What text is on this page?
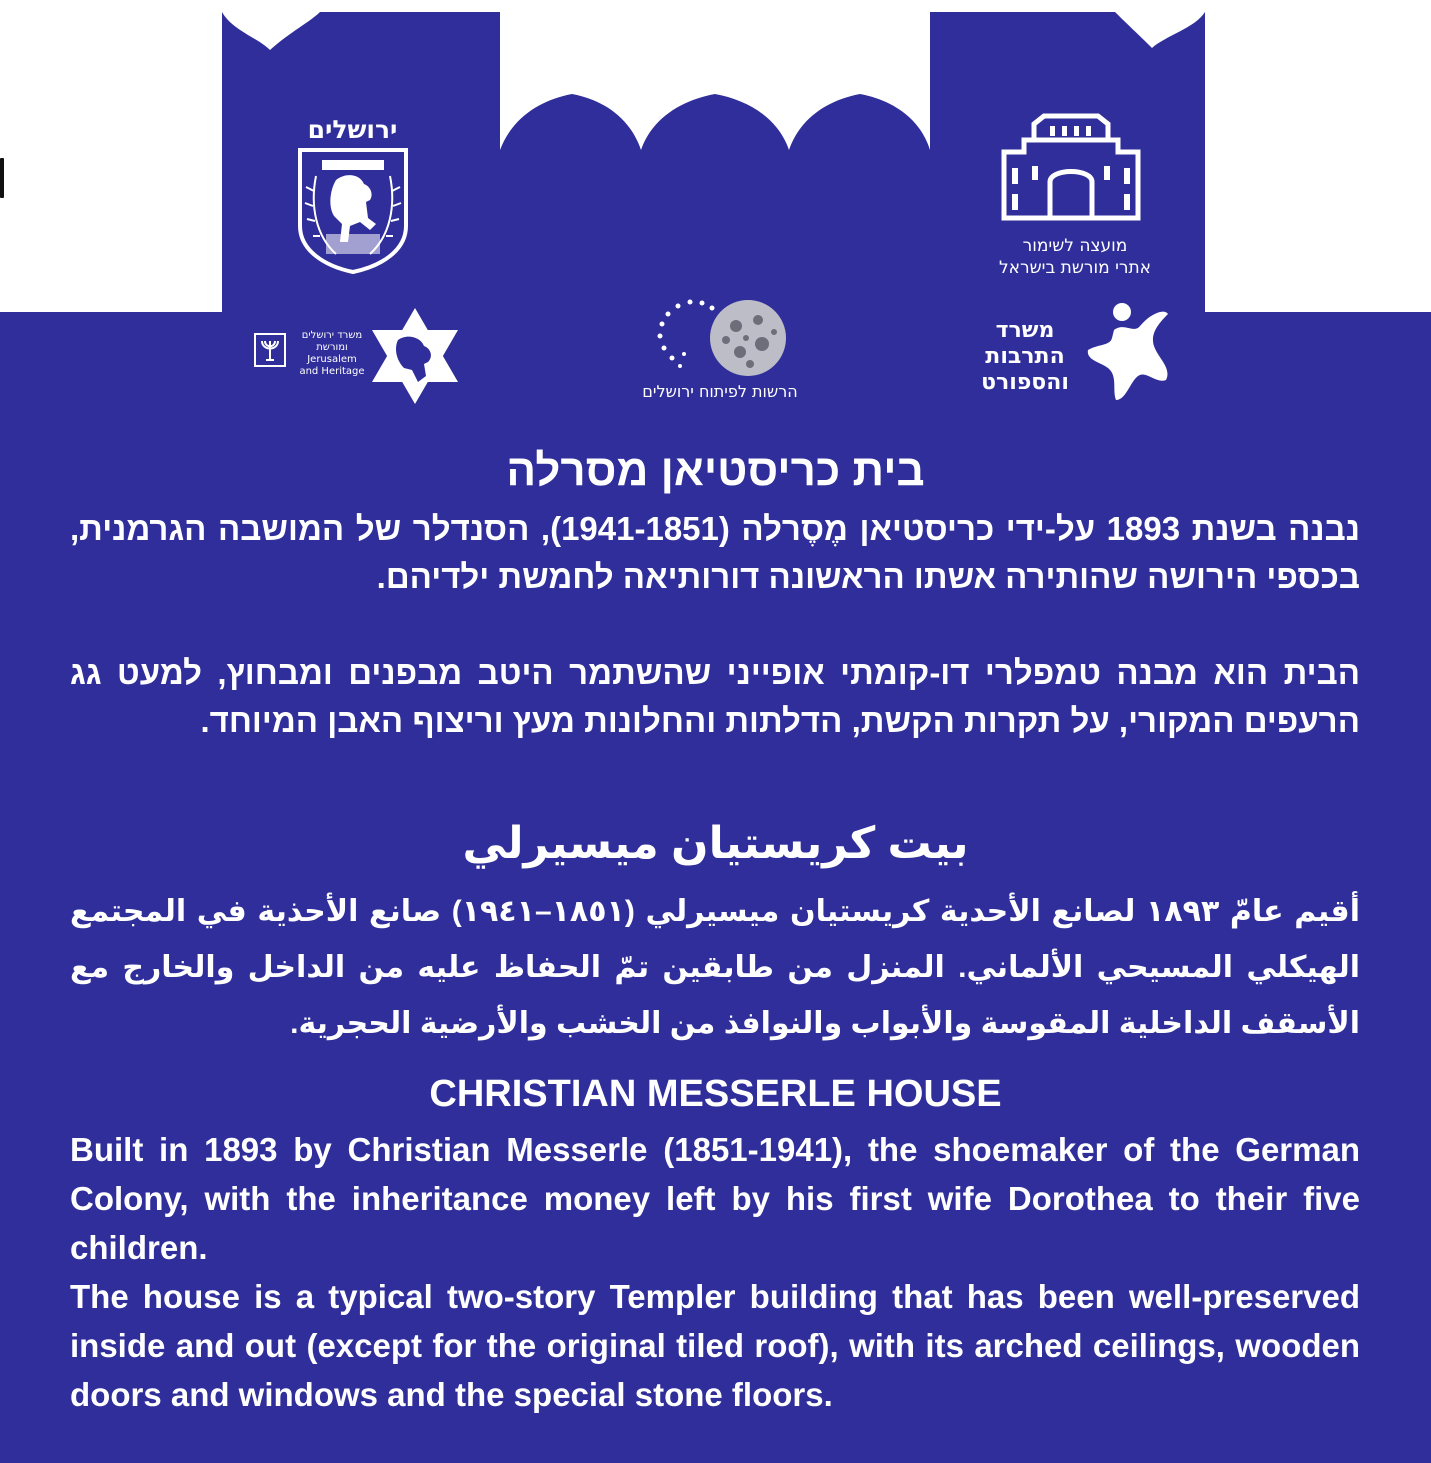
ירושלים
מועצה לשימור
אתרי מורשת בישראל
משרד ירושלים
ומורשת
Jerusalem
and Heritage
הרשות לפיתוח ירושלים
משרד
התרבות
והספורט
בית כריסטיאן מסרלה
נבנה בשנת 1893 על-ידי כריסטיאן מֶסֶרלה (1941-1851), הסנדלר של המושבה הגרמנית, בכספי הירושה שהותירה אשתו הראשונה דורותיאה לחמשת ילדיהם.
הבית הוא מבנה טמפלרי דו-קומתי אופייני שהשתמר היטב מבפנים ומבחוץ, למעט גג הרעפים המקורי, על תקרות הקשת, הדלתות והחלונות מעץ וריצוף האבן המיוחד.
بيت كريستيان ميسيرلي
أقيم عامّ ١٨٩٣ لصانع الأحدية كريستيان ميسيرلي (١٨٥١–١٩٤١) صانع الأحذية في المجتمع الهيكلي المسيحي الألماني. المنزل من طابقين تمّ الحفاظ عليه من الداخل والخارج مع الأسقف الداخلية المقوسة والأبواب والنوافذ من الخشب والأرضية الحجرية.
CHRISTIAN MESSERLE HOUSE
Built in 1893 by Christian Messerle (1851-1941), the shoemaker of the German Colony, with the inheritance money left by his first wife Dorothea to their five children.
The house is a typical two-story Templer building that has been well-preserved inside and out (except for the original tiled roof), with its arched ceilings, wooden doors and windows and the special stone floors.
